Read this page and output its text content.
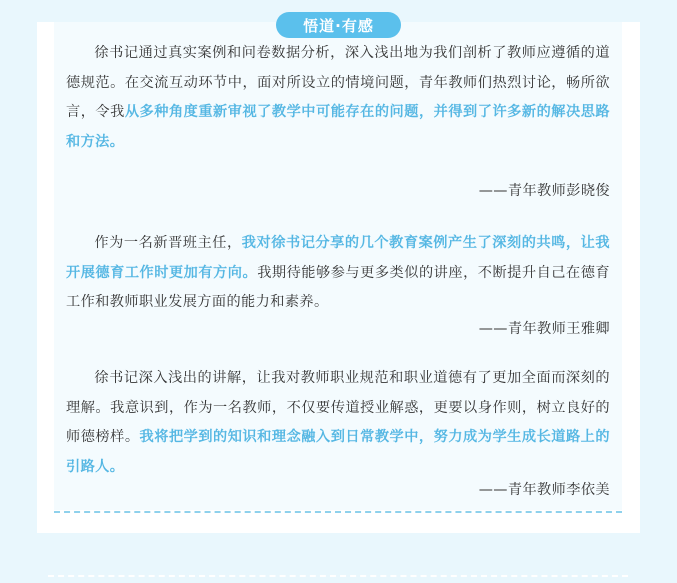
悟道·有感

徐书记通过真实案例和问卷数据分析，深入浅出地为我们剖析了教师应遵循的道德规范。在交流互动环节中，面对所设立的情境问题，青年教师们热烈讨论，畅所欲言，令我从多种角度重新审视了教学中可能存在的问题，并得到了许多新的解决思路和方法。

——青年教师彭晓俊

作为一名新晋班主任，我对徐书记分享的几个教育案例产生了深刻的共鸣，让我开展德育工作时更加有方向。我期待能够参与更多类似的讲座，不断提升自己在德育工作和教师职业发展方面的能力和素养。

——青年教师王雅卿

徐书记深入浅出的讲解，让我对教师职业规范和职业道德有了更加全面而深刻的理解。我意识到，作为一名教师，不仅要传道授业解惑，更要以身作则，树立良好的师德榜样。我将把学到的知识和理念融入到日常教学中，努力成为学生成长道路上的引路人。

——青年教师李依美
